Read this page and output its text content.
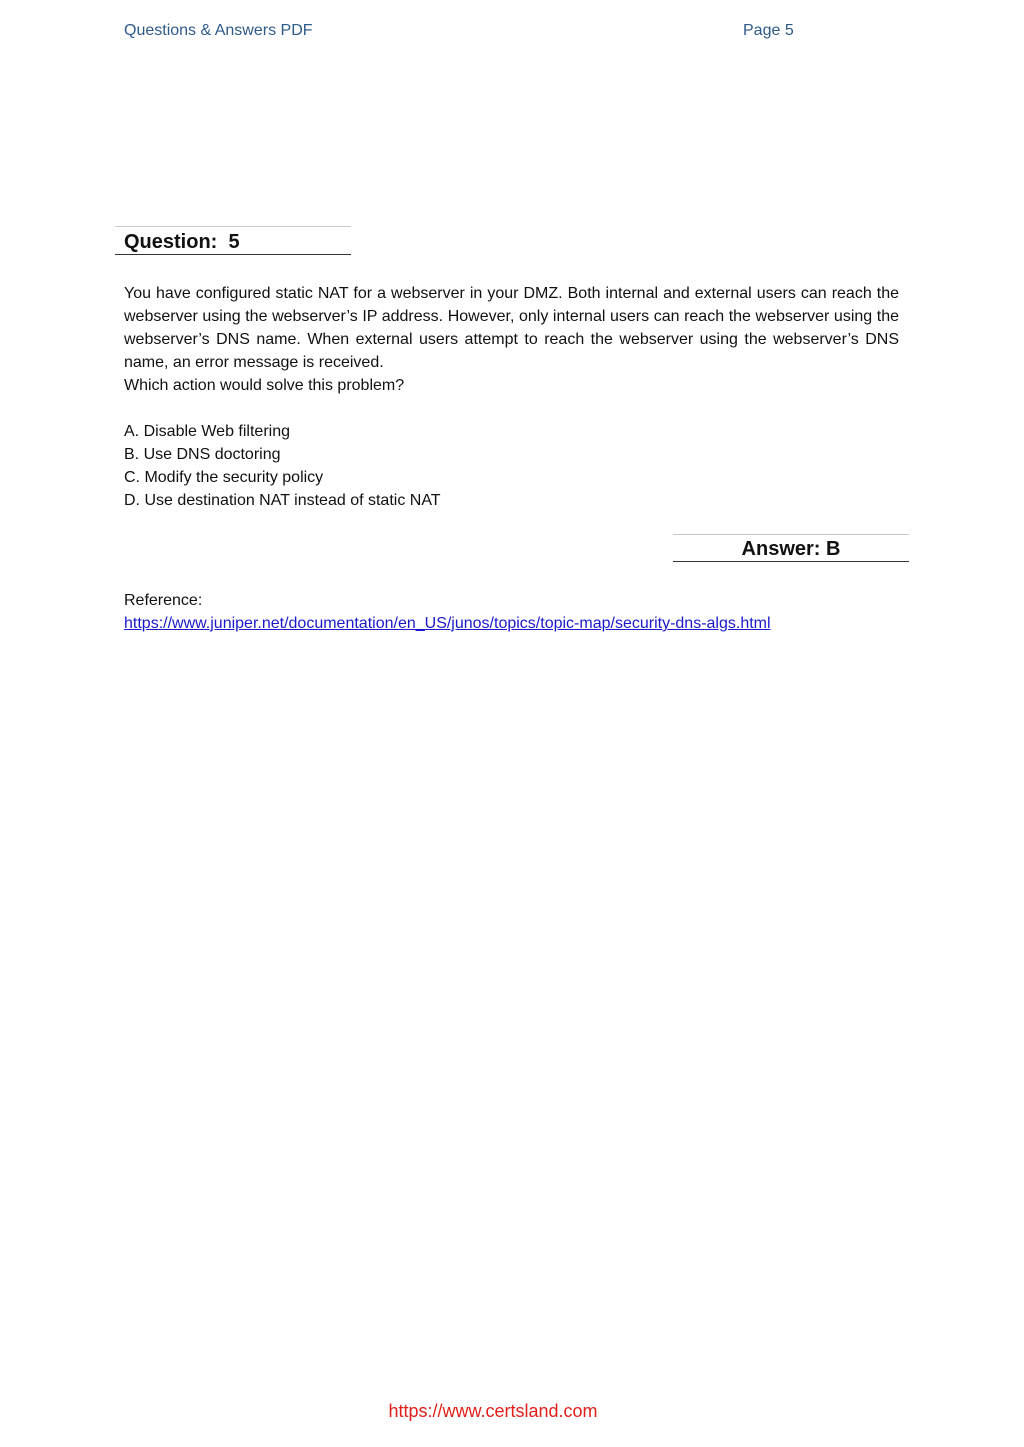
Questions & Answers PDF	Page 5
Question:  5

You have configured static NAT for a webserver in your DMZ. Both internal and external users can reach the webserver using the webserver’s IP address. However, only internal users can reach the webserver using the webserver’s DNS name. When external users attempt to reach the webserver using the webserver’s DNS name, an error message is received.

Which action would solve this problem?
A. Disable Web filtering
B. Use DNS doctoring
C. Modify the security policy
D. Use destination NAT instead of static NAT
Answer: B
Reference:
https://www.juniper.net/documentation/en_US/junos/topics/topic-map/security-dns-algs.html
https://www.certsland.com
